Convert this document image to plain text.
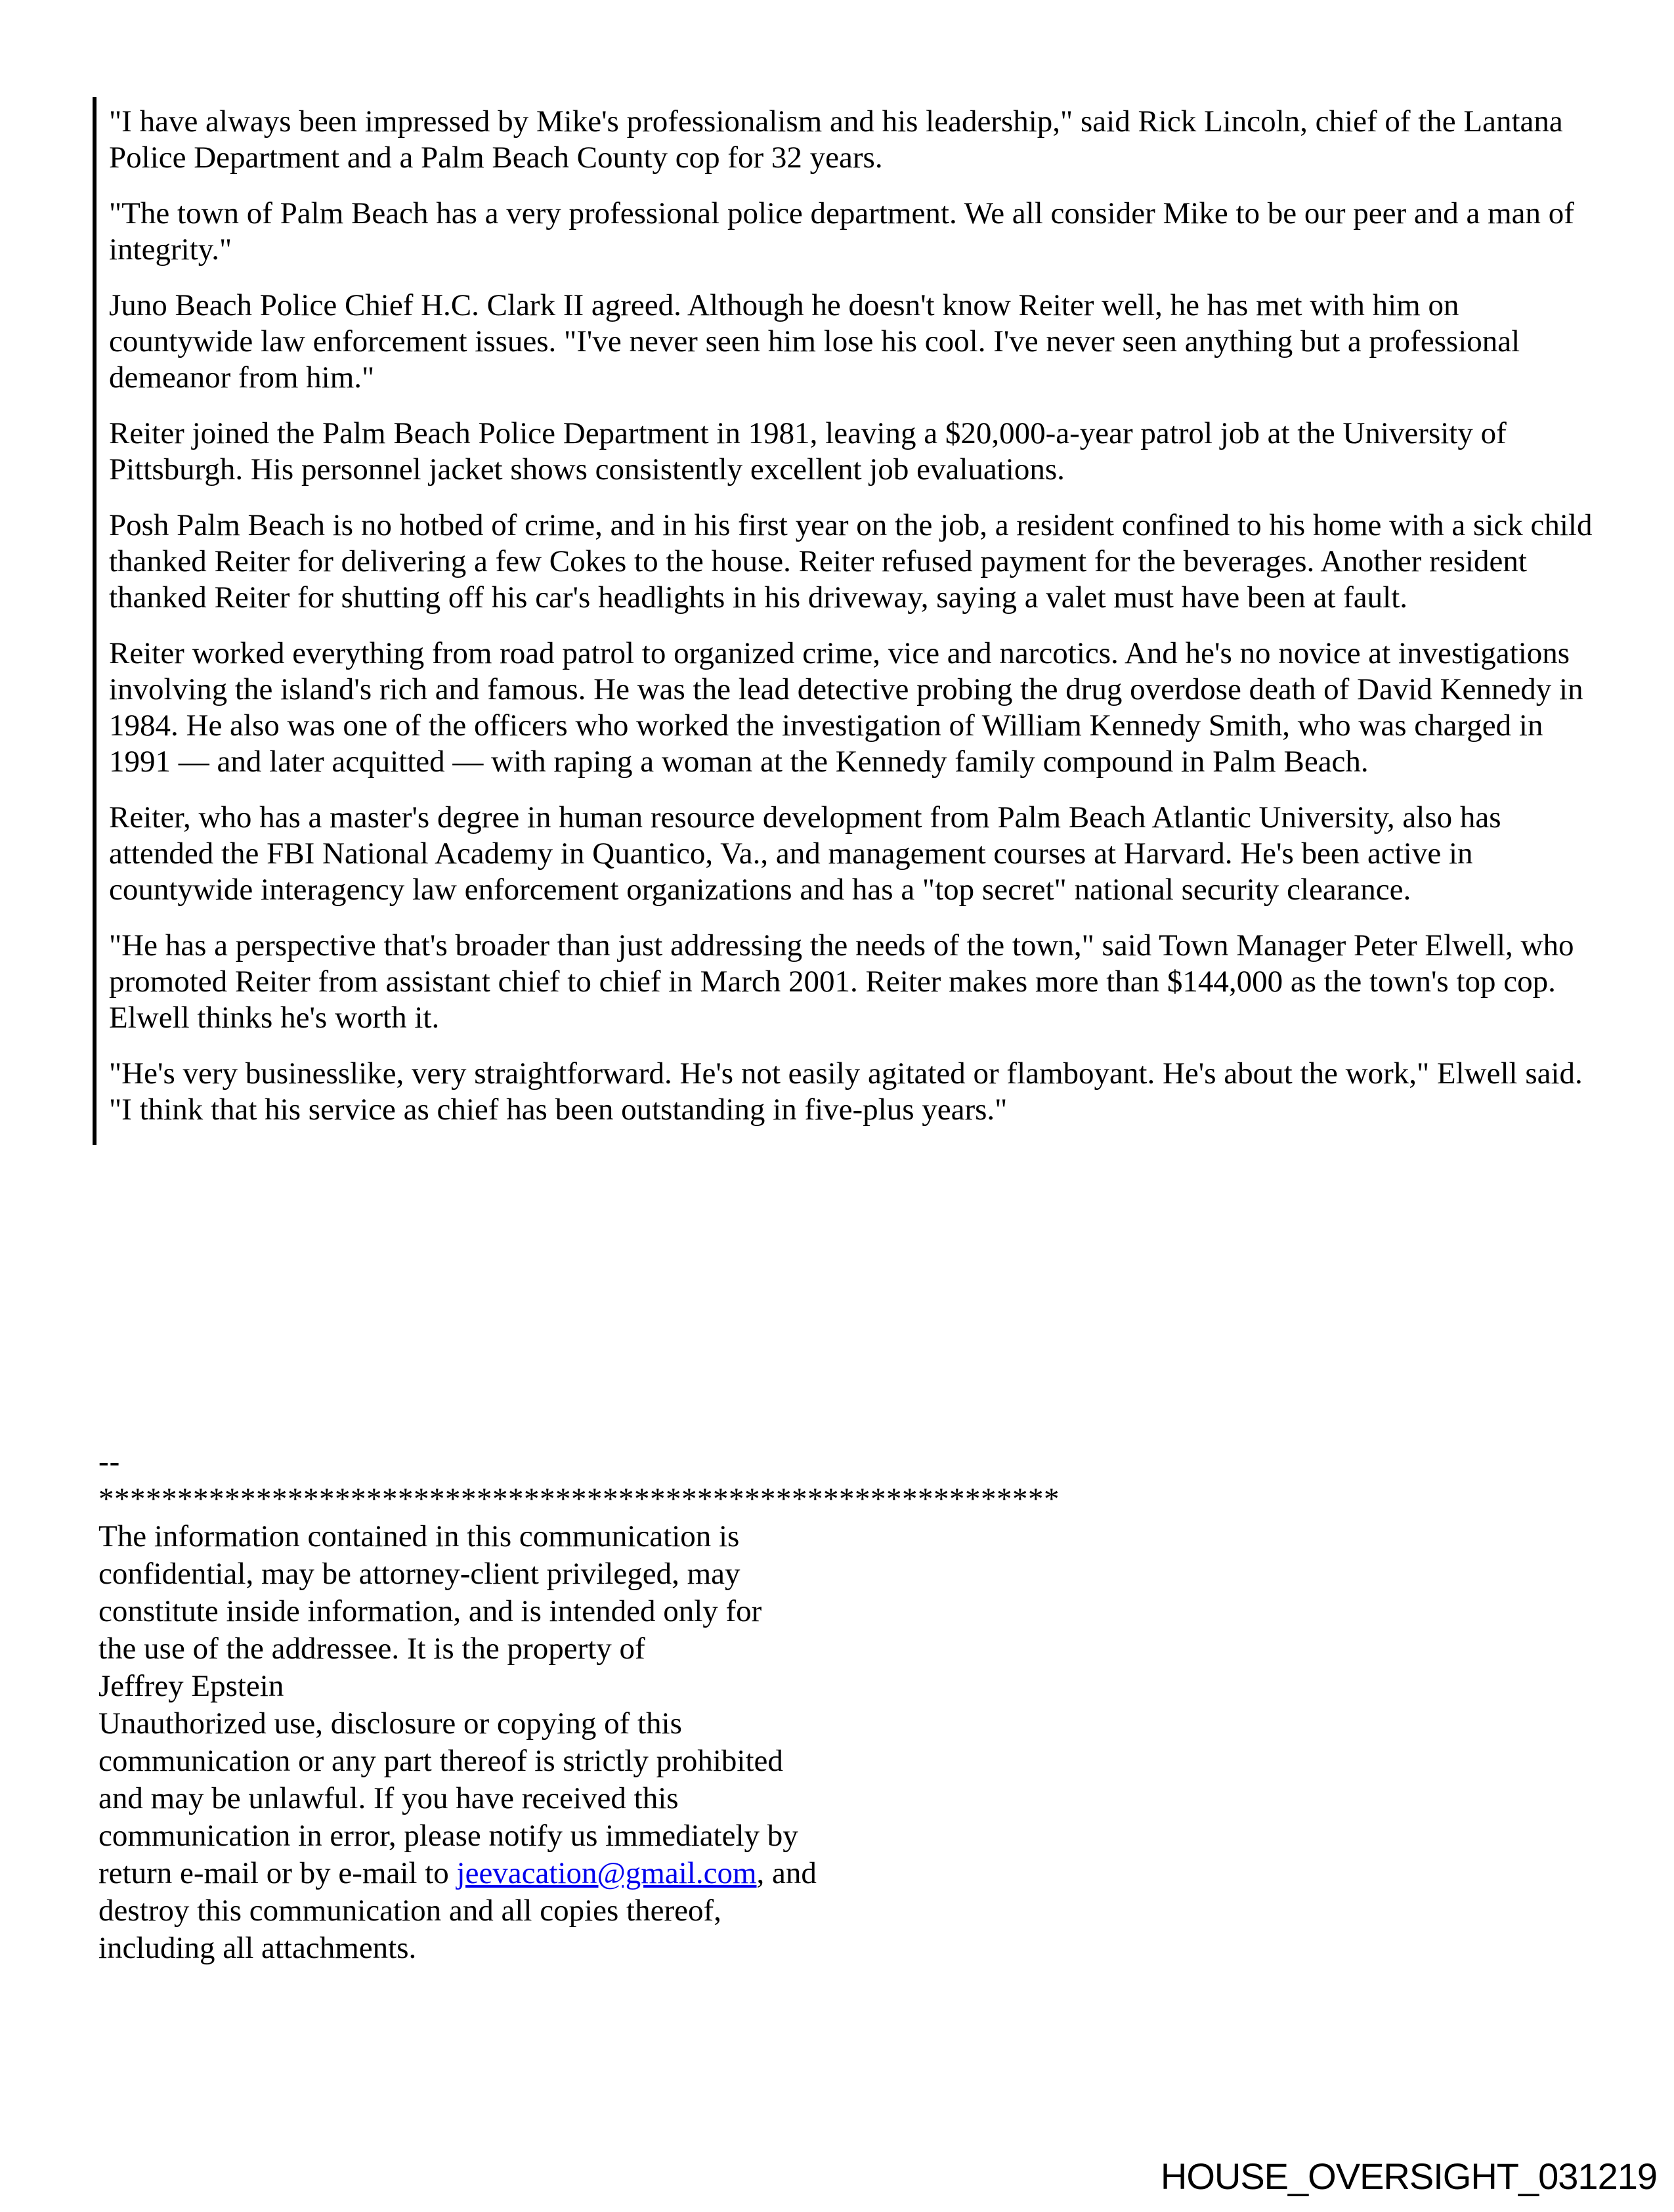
"I have always been impressed by Mike's professionalism and his leadership," said Rick Lincoln, chief of the Lantana Police Department and a Palm Beach County cop for 32 years.

"The town of Palm Beach has a very professional police department. We all consider Mike to be our peer and a man of integrity."

Juno Beach Police Chief H.C. Clark II agreed. Although he doesn't know Reiter well, he has met with him on countywide law enforcement issues. "I've never seen him lose his cool. I've never seen anything but a professional demeanor from him."

Reiter joined the Palm Beach Police Department in 1981, leaving a $20,000-a-year patrol job at the University of Pittsburgh. His personnel jacket shows consistently excellent job evaluations.

Posh Palm Beach is no hotbed of crime, and in his first year on the job, a resident confined to his home with a sick child thanked Reiter for delivering a few Cokes to the house. Reiter refused payment for the beverages. Another resident thanked Reiter for shutting off his car's headlights in his driveway, saying a valet must have been at fault.

Reiter worked everything from road patrol to organized crime, vice and narcotics. And he's no novice at investigations involving the island's rich and famous. He was the lead detective probing the drug overdose death of David Kennedy in 1984. He also was one of the officers who worked the investigation of William Kennedy Smith, who was charged in 1991 — and later acquitted — with raping a woman at the Kennedy family compound in Palm Beach.

Reiter, who has a master's degree in human resource development from Palm Beach Atlantic University, also has attended the FBI National Academy in Quantico, Va., and management courses at Harvard. He's been active in countywide interagency law enforcement organizations and has a "top secret" national security clearance.

"He has a perspective that's broader than just addressing the needs of the town," said Town Manager Peter Elwell, who promoted Reiter from assistant chief to chief in March 2001. Reiter makes more than $144,000 as the town's top cop. Elwell thinks he's worth it.

"He's very businesslike, very straightforward. He's not easily agitated or flamboyant. He's about the work," Elwell said. "I think that his service as chief has been outstanding in five-plus years."

--
*************************************************************
The information contained in this communication is
confidential, may be attorney-client privileged, may
constitute inside information, and is intended only for
the use of the addressee. It is the property of
Jeffrey Epstein
Unauthorized use, disclosure or copying of this
communication or any part thereof is strictly prohibited
and may be unlawful. If you have received this
communication in error, please notify us immediately by
return e-mail or by e-mail to jeevacation@gmail.com, and
destroy this communication and all copies thereof,
including all attachments.
HOUSE_OVERSIGHT_031219
